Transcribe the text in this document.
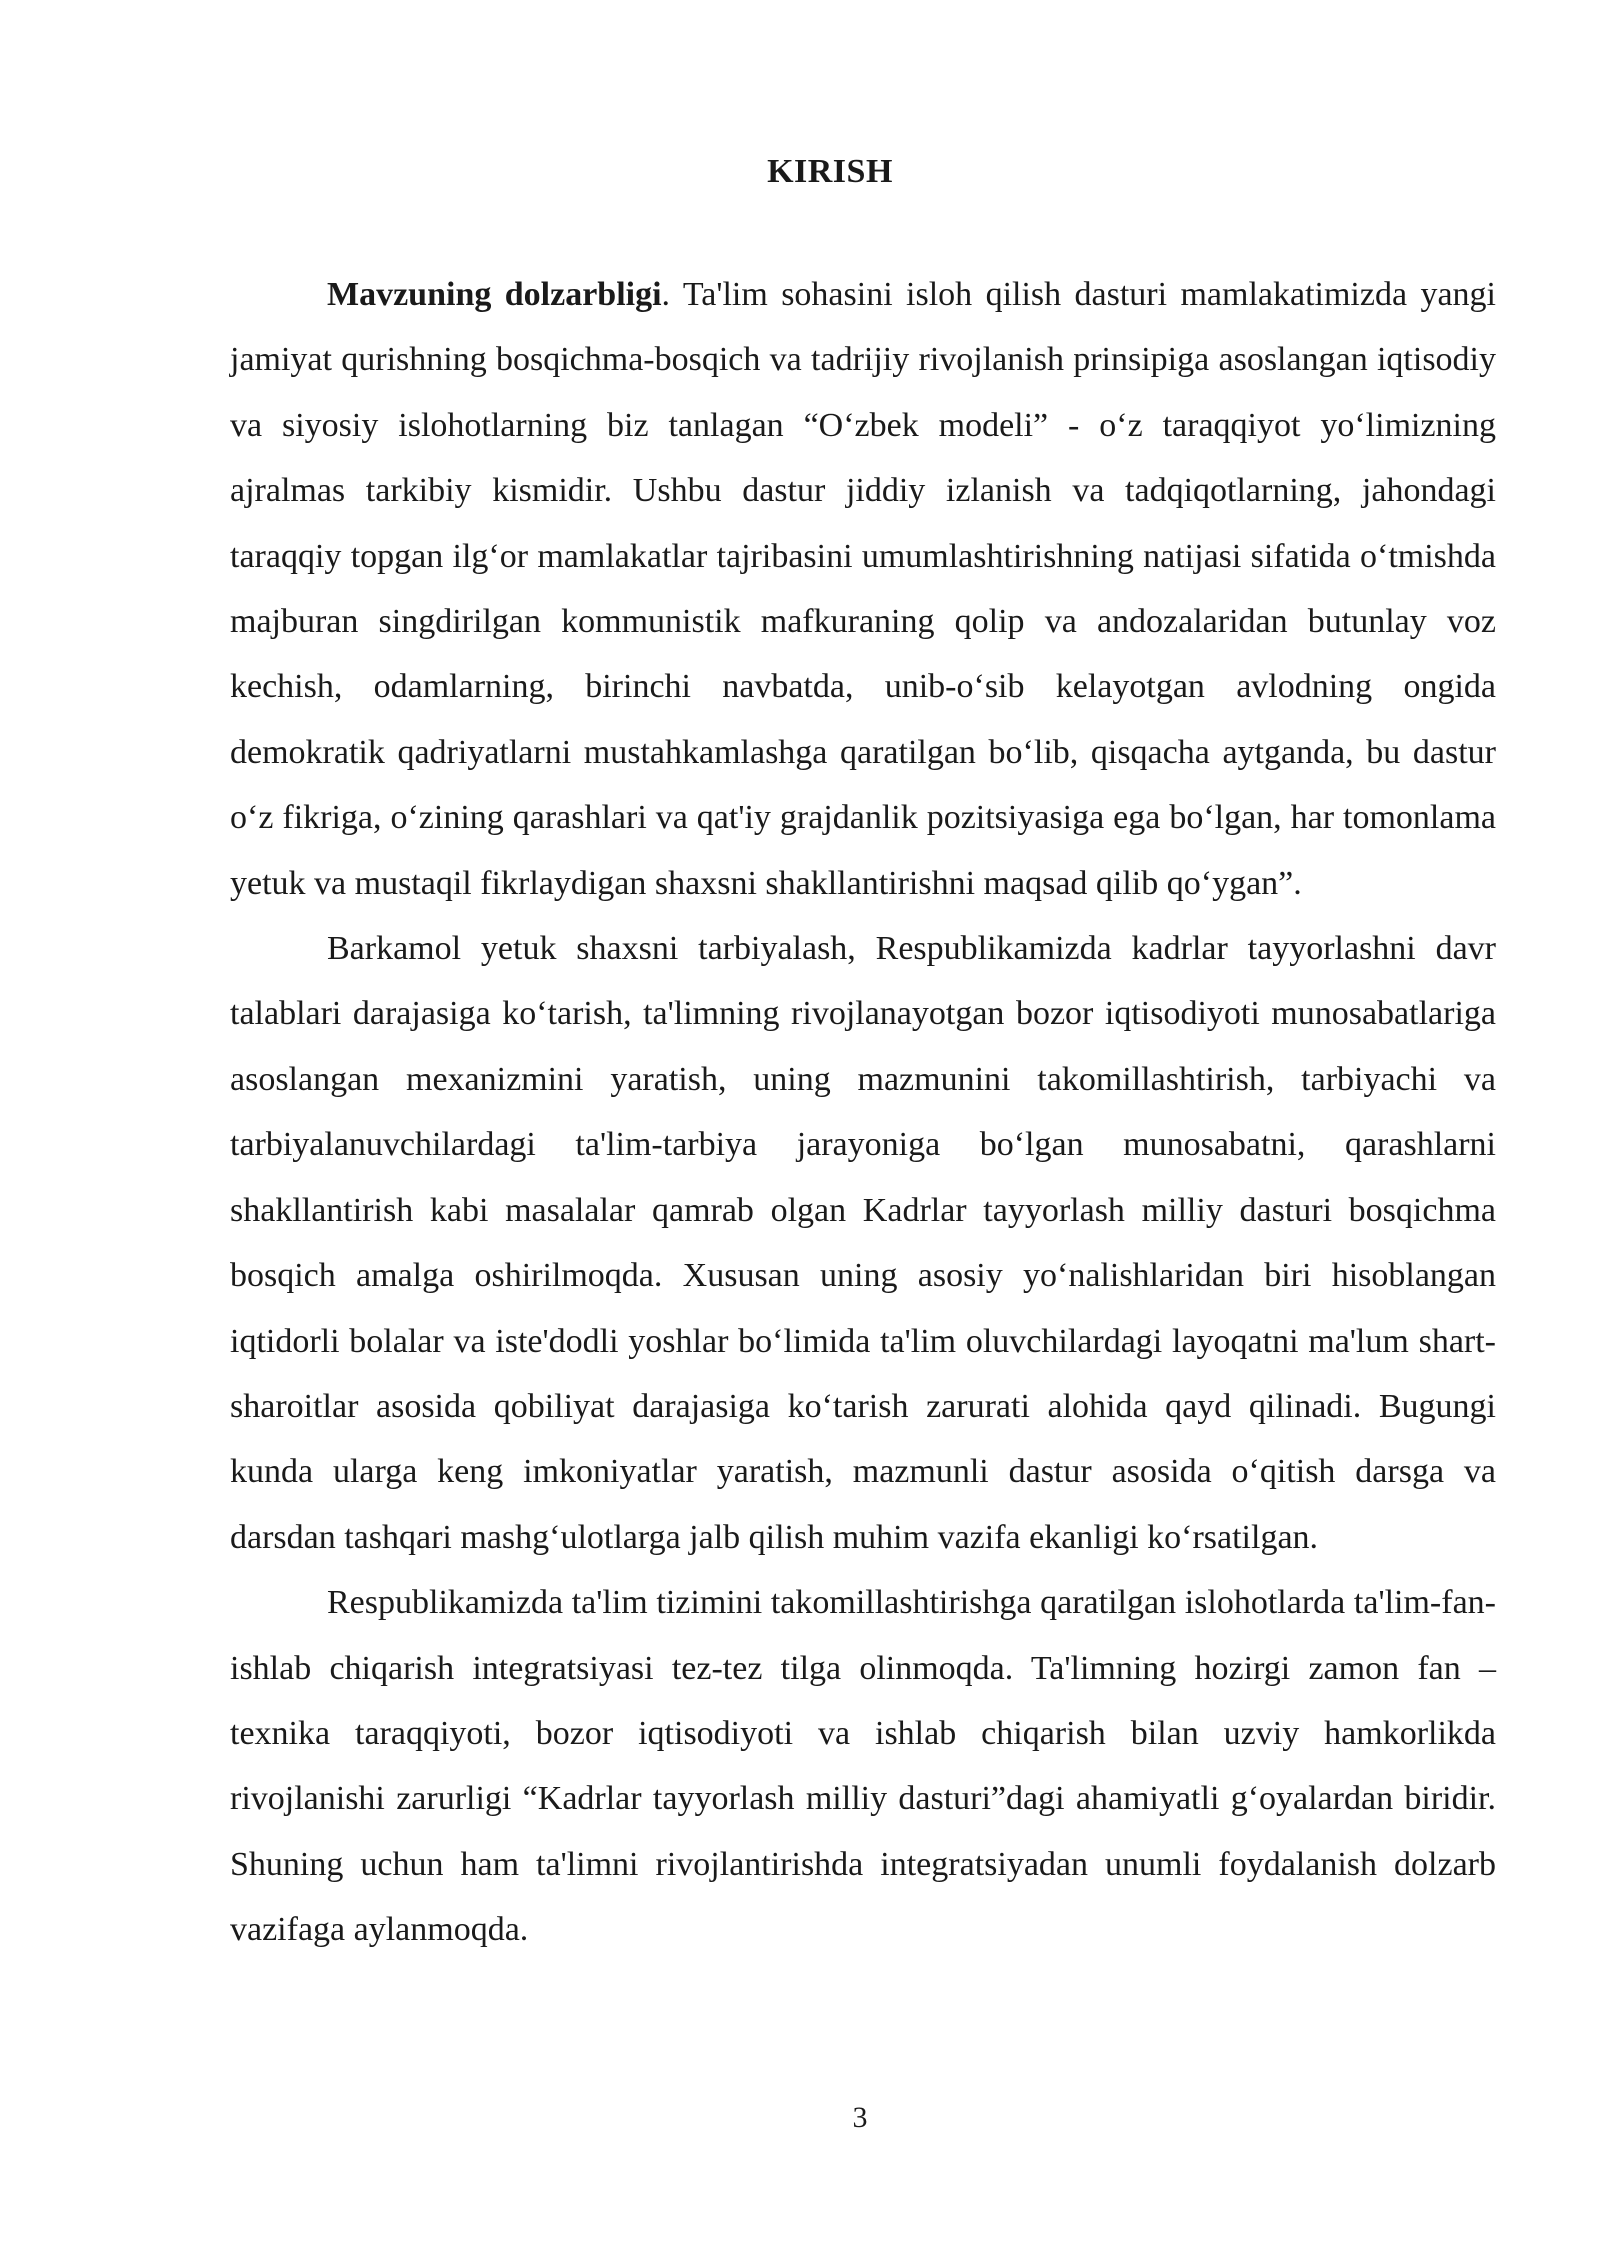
KIRISH

Mavzuning dolzarbligi. Ta'lim sohasini isloh qilish dasturi mamlakatimizda yangi jamiyat qurishning bosqichma-bosqich va tadrijiy rivojlanish prinsipiga asoslangan iqtisodiy va siyosiy islohotlarning biz tanlagan “O‘zbek modeli” - o‘z taraqqiyot yo‘limizning ajralmas tarkibiy kismidir. Ushbu dastur jiddiy izlanish va tadqiqotlarning, jahondagi taraqqiy topgan ilg‘or mamlakatlar tajribasini umumlashtirishning natijasi sifatida o‘tmishda majburan singdirilgan kommunistik mafkuraning qolip va andozalaridan butunlay voz kechish, odamlarning, birinchi navbatda, unib-o‘sib kelayotgan avlodning ongida demokratik qadriyatlarni mustahkamlashga qaratilgan bo‘lib, qisqacha aytganda, bu dastur o‘z fikriga, o‘zining qarashlari va qat'iy grajdanlik pozitsiyasiga ega bo‘lgan, har tomonlama yetuk va mustaqil fikrlaydigan shaxsni shakllantirishni maqsad qilib qo‘ygan”.

Barkamol yetuk shaxsni tarbiyalash, Respublikamizda kadrlar tayyorlashni davr talablari darajasiga ko‘tarish, ta'limning rivojlanayotgan bozor iqtisodiyoti munosabatlariga asoslangan mexanizmini yaratish, uning mazmunini takomillashtirish, tarbiyachi va tarbiyalanuvchilardagi ta'lim-tarbiya jarayoniga bo‘lgan munosabatni, qarashlarni shakllantirish kabi masalalar qamrab olgan Kadrlar tayyorlash milliy dasturi bosqichma bosqich amalga oshirilmoqda. Xususan uning asosiy yo‘nalishlaridan biri hisoblangan iqtidorli bolalar va iste'dodli yoshlar bo‘limida ta'lim oluvchilardagi layoqatni ma'lum shart-sharoitlar asosida qobiliyat darajasiga ko‘tarish zarurati alohida qayd qilinadi. Bugungi kunda ularga keng imkoniyatlar yaratish, mazmunli dastur asosida o‘qitish darsga va darsdan tashqari mashg‘ulotlarga jalb qilish muhim vazifa ekanligi ko‘rsatilgan.

Respublikamizda ta'lim tizimini takomillashtirishga qaratilgan islohotlarda ta'lim-fan-ishlab chiqarish integratsiyasi tez-tez tilga olinmoqda. Ta'limning hozirgi zamon fan – texnika taraqqiyoti, bozor iqtisodiyoti va ishlab chiqarish bilan uzviy hamkorlikda rivojlanishi zarurligi “Kadrlar tayyorlash milliy dasturi”dagi ahamiyatli g‘oyalardan biridir. Shuning uchun ham ta'limni rivojlantirishda integratsiyadan unumli foydalanish dolzarb vazifaga aylanmoqda.

3
